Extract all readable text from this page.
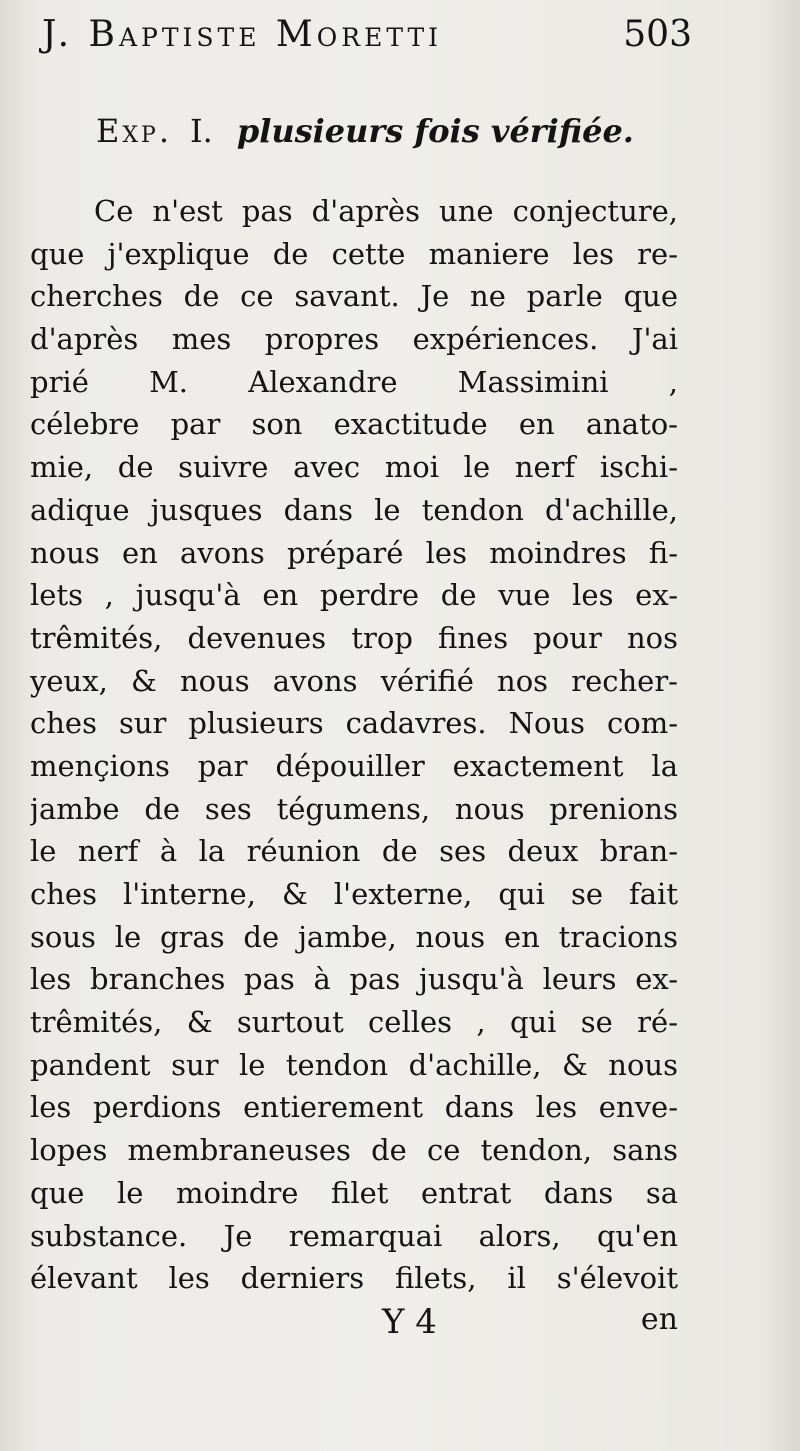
J. Baptiste Moretti	503
Exp. I. plusieurs fois vérifiée.
Ce n'est pas d'après une conjecture,
que j'explique de cette maniere les re-
cherches de ce savant. Je ne parle que
d'après mes propres expériences. J'ai
prié M. Alexandre Massimini ,
célebre par son exactitude en anato-
mie, de suivre avec moi le nerf ischi-
adique jusques dans le tendon d'achille,
nous en avons préparé les moindres fi-
lets , jusqu'à en perdre de vue les ex-
trêmités, devenues trop fines pour nos
yeux, & nous avons vérifié nos recher-
ches sur plusieurs cadavres. Nous com-
mençions par dépouiller exactement la
jambe de ses tégumens, nous prenions
le nerf à la réunion de ses deux bran-
ches l'interne, & l'externe, qui se fait
sous le gras de jambe, nous en tracions
les branches pas à pas jusqu'à leurs ex-
trêmités, & surtout celles , qui se ré-
pandent sur le tendon d'achille, & nous
les perdions entierement dans les enve-
lopes membraneuses de ce tendon, sans
que le moindre filet entrat dans sa
substance. Je remarquai alors, qu'en
élevant les derniers filets, il s'élevoit
Y 4	en
